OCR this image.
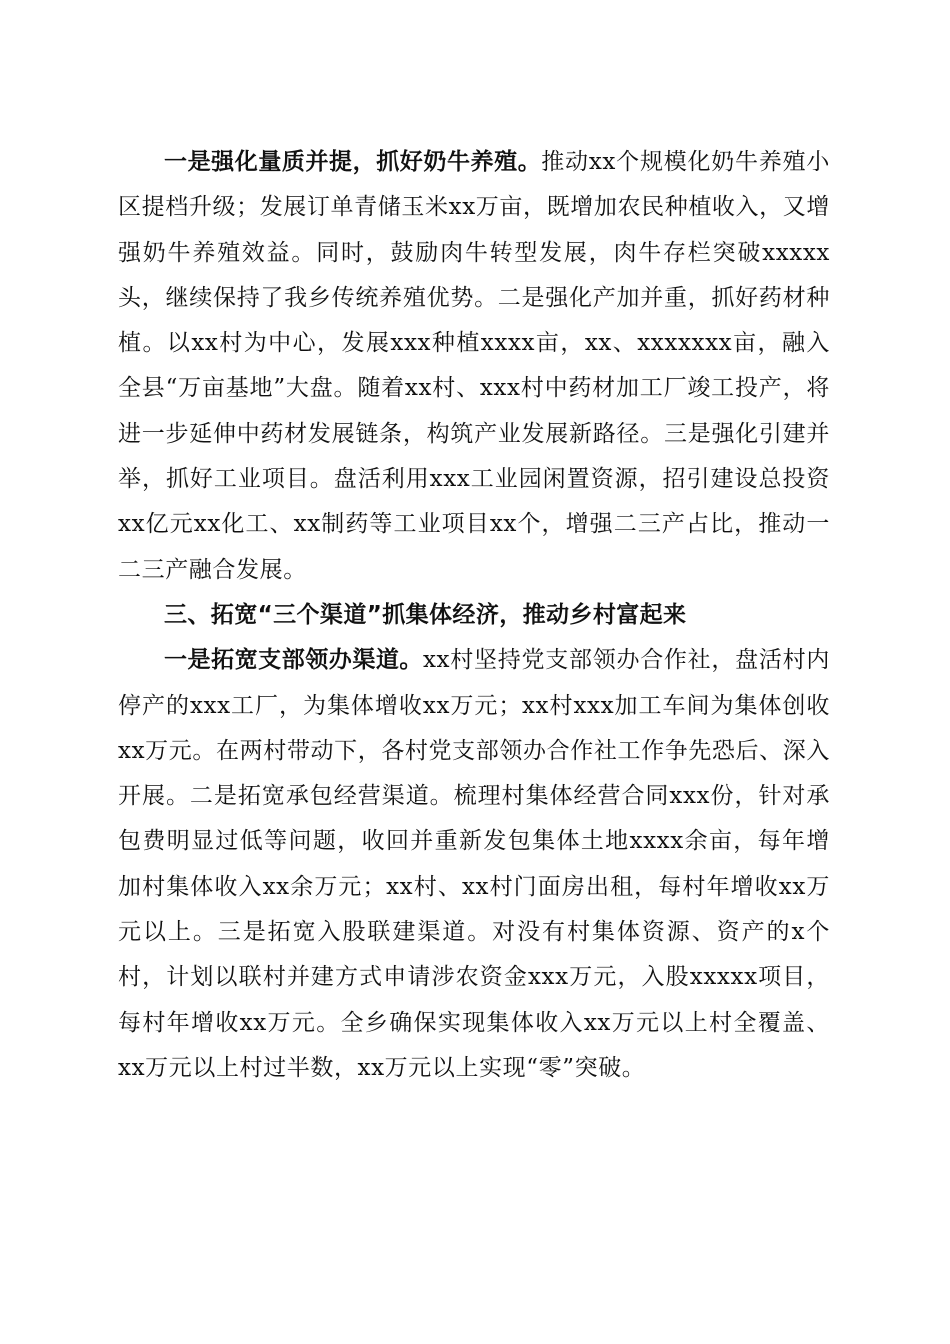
一是强化量质并提，抓好奶牛养殖。推动xx个规模化奶牛养殖小区提档升级；发展订单青储玉米xx万亩，既增加农民种植收入，又增强奶牛养殖效益。同时，鼓励肉牛转型发展，肉牛存栏突破xxxxx头，继续保持了我乡传统养殖优势。二是强化产加并重，抓好药材种植。以xx村为中心，发展xxx种植xxxx亩，xx、xxxxxxx亩，融入全县“万亩基地”大盘。随着xx村、xxx村中药材加工厂竣工投产，将进一步延伸中药材发展链条，构筑产业发展新路径。三是强化引建并举，抓好工业项目。盘活利用xxx工业园闲置资源，招引建设总投资xx亿元xx化工、xx制药等工业项目xx个，增强二三产占比，推动一二三产融合发展。

三、拓宽“三个渠道”抓集体经济，推动乡村富起来

一是拓宽支部领办渠道。xx村坚持党支部领办合作社，盘活村内停产的xxx工厂，为集体增收xx万元；xx村xxx加工车间为集体创收xx万元。在两村带动下，各村党支部领办合作社工作争先恐后、深入开展。二是拓宽承包经营渠道。梳理村集体经营合同xxx份，针对承包费明显过低等问题，收回并重新发包集体土地xxxx余亩，每年增加村集体收入xx余万元；xx村、xx村门面房出租，每村年增收xx万元以上。三是拓宽入股联建渠道。对没有村集体资源、资产的x个村，计划以联村并建方式申请涉农资金xxx万元，入股xxxxx项目，每村年增收xx万元。全乡确保实现集体收入xx万元以上村全覆盖、xx万元以上村过半数，xx万元以上实现“零”突破。
